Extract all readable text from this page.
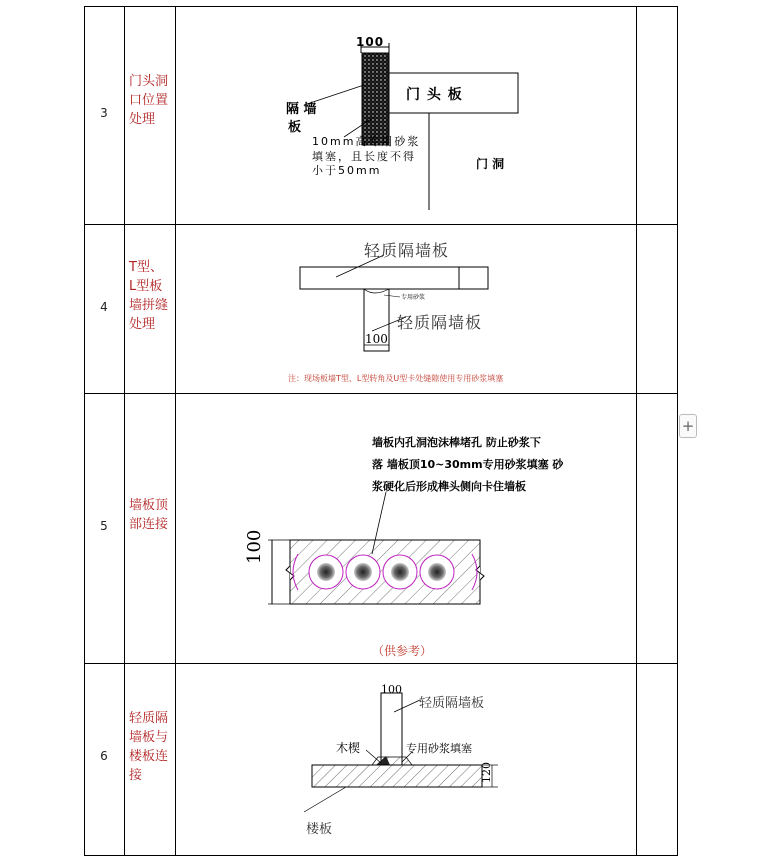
3
门头洞口位置处理
100
隔 墙
板
门 头 板
10mm高专用砂浆
填塞，且长度不得
小于50mm	门 洞
4
T型、L型板墙拼缝处理
轻质隔墙板
专用砂浆
轻质隔墙板
100
注：现场板墙T型、L型转角及U型卡处缝隙使用专用砂浆填塞
5
墙板顶部连接
墙板内孔洞泡沫棒堵孔 防止砂浆下
落 墙板顶10~30mm专用砂浆填塞 砂
浆硬化后形成榫头侧向卡住墙板
100
（供参考）
6
轻质隔墙板与楼板连接
100
轻质隔墙板
木楔	专用砂浆填塞
120
楼板
+
